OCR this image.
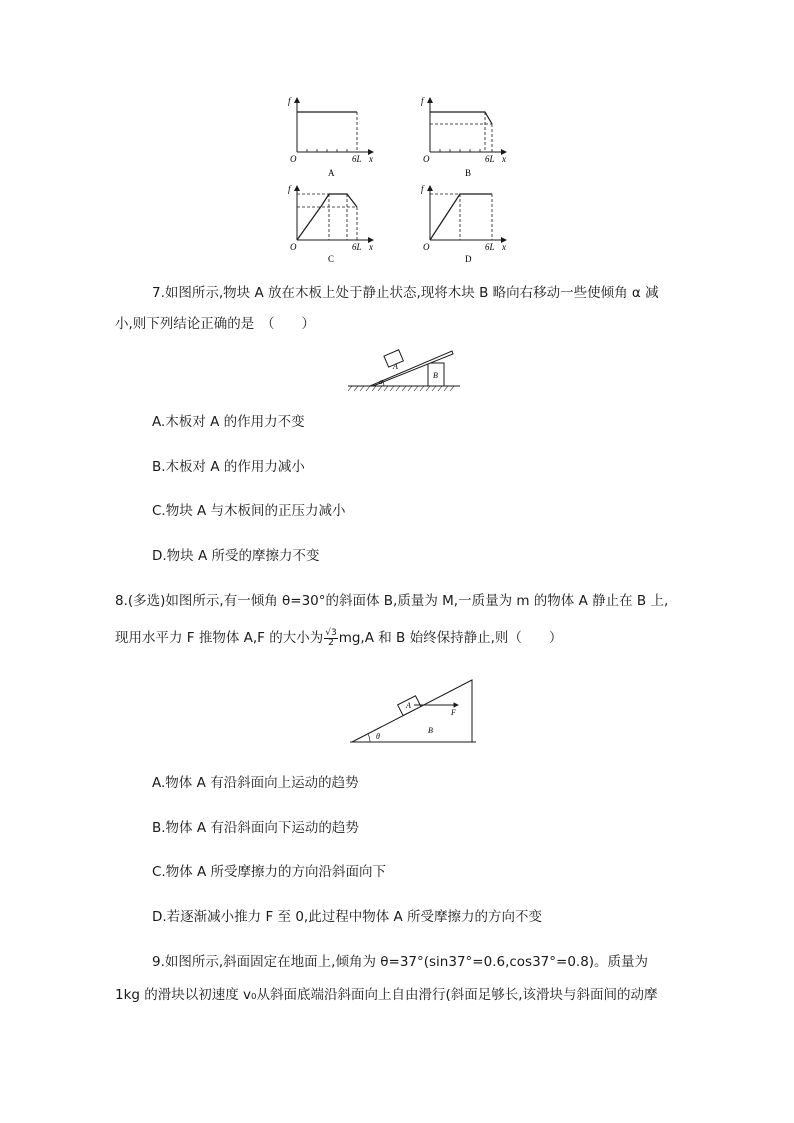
f
O	6L x
A
f
O	6L x
B
f
O	6L x
C
f
O	6L x
D
7.如图所示,物块 A 放在木板上处于静止状态,现将木块 B 略向右移动一些使倾角 α 减
小,则下列结论正确的是　（　　）
A
B
α
A.木板对 A 的作用力不变
B.木板对 A 的作用力减小
C.物块 A 与木板间的正压力减小
D.物块 A 所受的摩擦力不变
8.(多选)如图所示,有一倾角 θ=30°的斜面体 B,质量为 M,一质量为 m 的物体 A 静止在 B 上,
现用水平力 F 推物体 A,F 的大小为 $\frac{√3}{2} mg,A$ 和 B 始终保持静止,则（　　）
A
F
B
θ
A.物体 A 有沿斜面向上运动的趋势
B.物体 A 有沿斜面向下运动的趋势
C.物体 A 所受摩擦力的方向沿斜面向下
D.若逐渐减小推力 F 至 0,此过程中物体 A 所受摩擦力的方向不变
9.如图所示,斜面固定在地面上,倾角为 θ=37°(sin37°=0.6,cos37°=0.8)。质量为
1kg 的滑块以初速度 v₀从斜面底端沿斜面向上自由滑行(斜面足够长,该滑块与斜面间的动摩
